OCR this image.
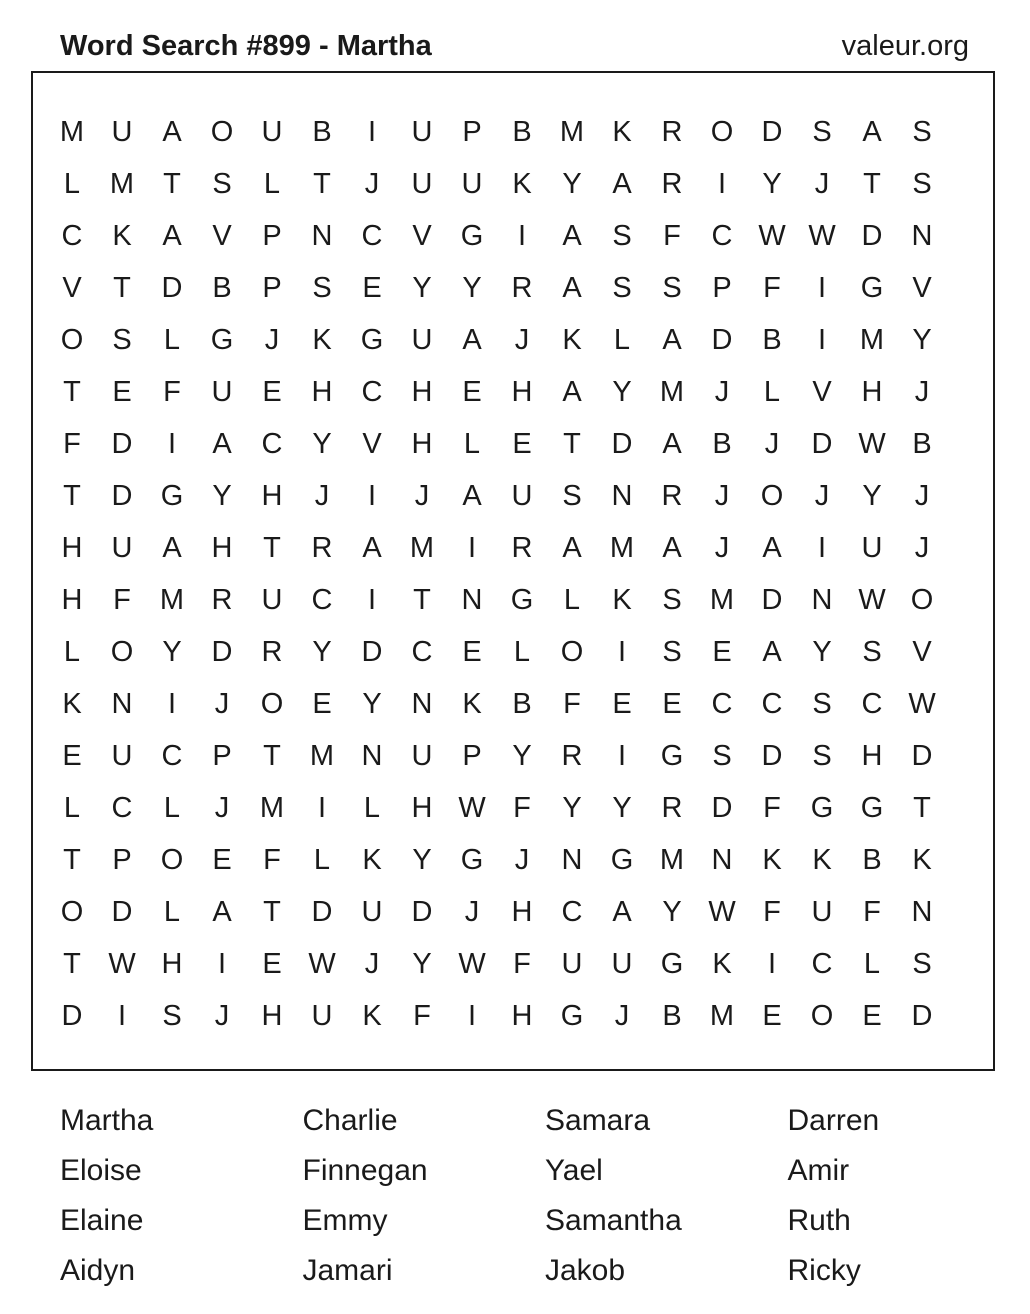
Word Search #899 - Martha	valeur.org
M U	A	O U	B	I	U	P	B M K	R O D	S	A	S
L	M	T	S	L	T	J	U	U	K	Y	A	R	I	Y	J	T	S
C	K	A	V	P	N	C	V	G	I	A	S	F	C W W D	N
V	T	D	B	P	S	E	Y	Y	R	A	S	S	P	F	I	G	V
O	S	L	G	J	K	G U	A	J	K	L	A	D	B	I	M Y
T	E	F	U	E	H	C	H	E	H	A	Y M	J	L	V	H	J
F	D	I	A	C	Y	V	H	L	E	T	D	A	B	J	D W B
T	D G	Y	H	J	I	J	A	U	S	N	R	J	O	J	Y	J
H	U	A	H	T	R	A M	I	R	A M A	J	A	I	U	J
H	F	M R	U	C	I	T	N G	L	K	S M D	N W O
L	O	Y	D	R	Y	D	C	E	L	O	I	S	E	A	Y	S	V
K	N	I	J	O	E	Y	N	K	B	F	E	E	C	C	S	C W
E	U	C	P	T	M N	U	P	Y	R	I	G	S	D	S	H	D
L	C	L	J	M	I	L	H W F	Y	Y	R	D	F	G G	T
T	P	O	E	F	L	K	Y	G	J	N G M N	K	K	B	K
O D	L	A	T	D	U	D	J	H	C	A	Y W F	U	F	N
T W H	I	E W	J	Y W F	U	U G	K	I	C	L	S
D	I	S	J	H	U	K	F	I	H G	J	B M E	O	E	D
Martha	Charlie	Samara	Darren
Eloise	Finnegan	Yael	Amir
Elaine	Emmy	Samantha	Ruth
Aidyn	Jamari	Jakob	Ricky
